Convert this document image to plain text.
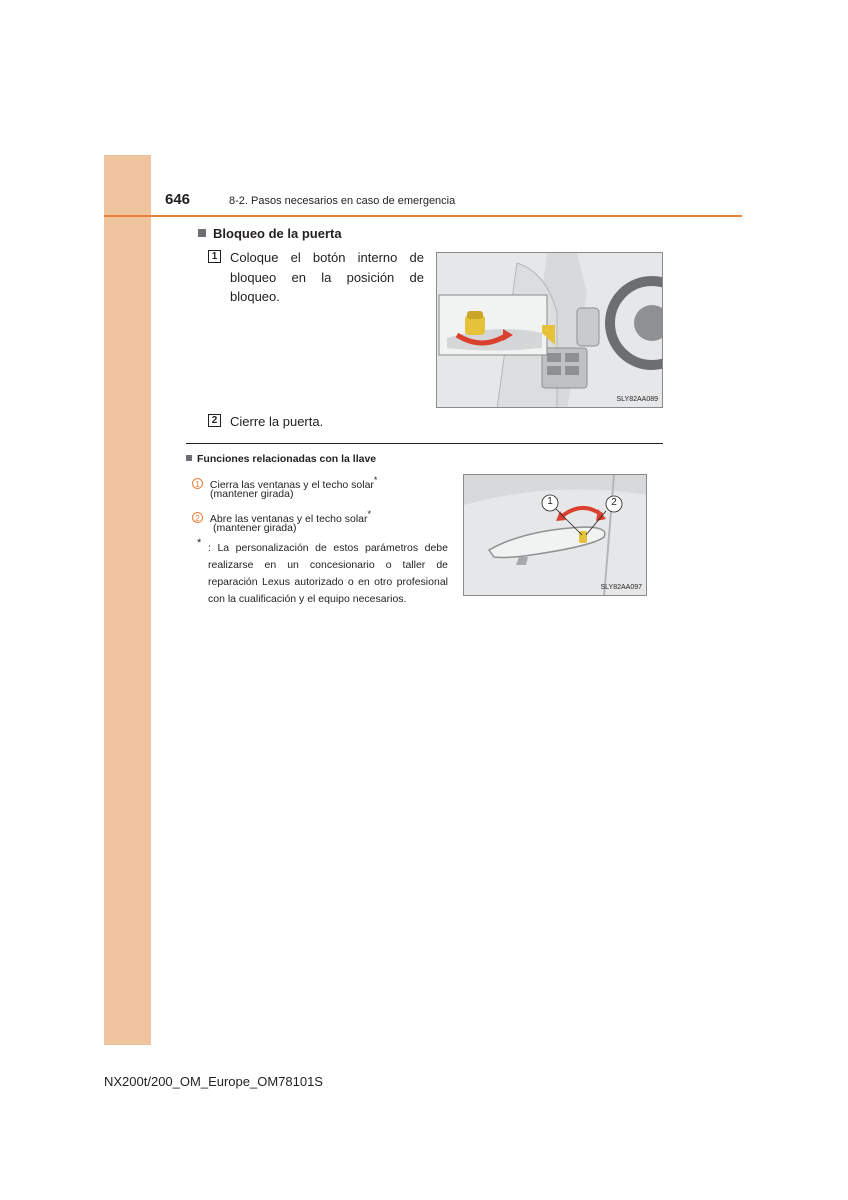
646	8-2. Pasos necesarios en caso de emergencia
Bloqueo de la puerta
1 Coloque el botón interno de bloqueo en la posición de bloqueo.
SLY82AA089
2 Cierre la puerta.
Funciones relacionadas con la llave
1 Cierra las ventanas y el techo solar*
(mantener girada)
2 Abre las ventanas y el techo solar*
(mantener girada)
* : La personalización de estos parámetros debe realizarse en un concesionario o taller de reparación Lexus autorizado o en otro profesional con la cualificación y el equipo necesarios.
1	2
SLY82AA097
NX200t/200_OM_Europe_OM78101S
